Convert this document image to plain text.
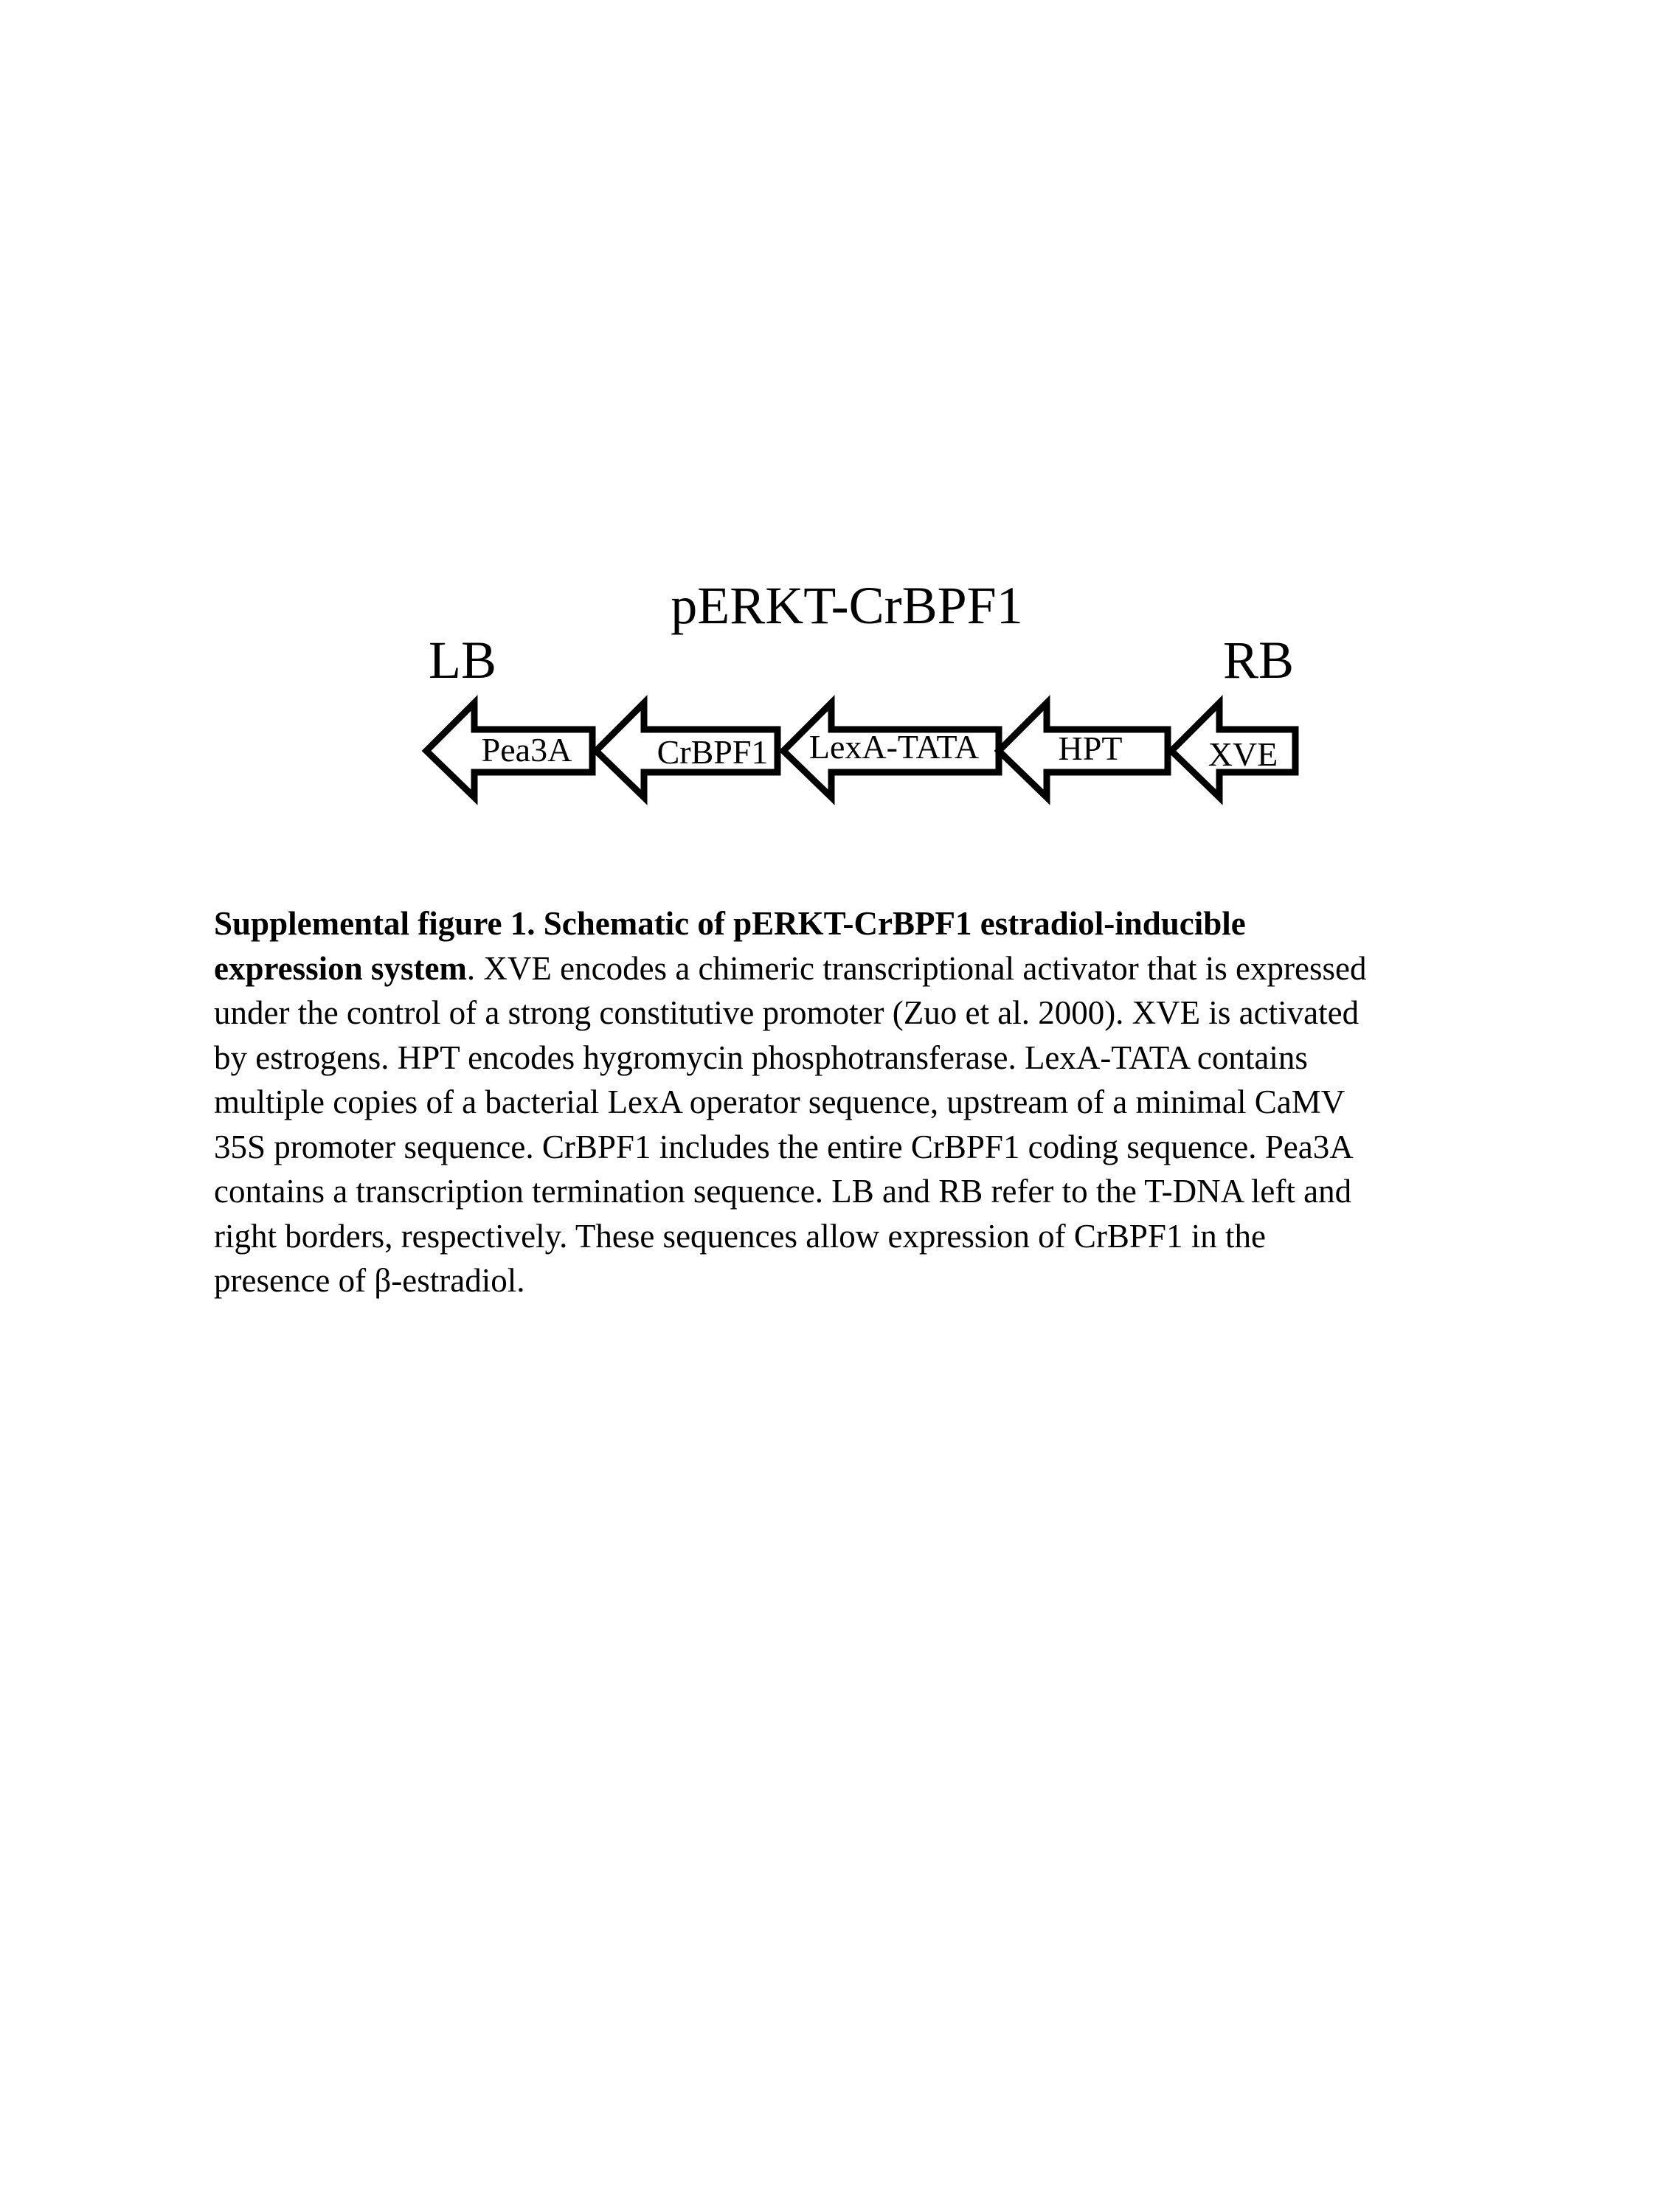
pERKT-CrBPF1
LB	RB
Pea3A	CrBPF1 LexA-TATA HPT	XVE
Supplemental figure 1. Schematic of pERKT-CrBPF1 estradiol-inducible
expression system. XVE encodes a chimeric transcriptional activator that is expressed
under the control of a strong constitutive promoter (Zuo et al. 2000). XVE is activated
by estrogens. HPT encodes hygromycin phosphotransferase. LexA-TATA contains
multiple copies of a bacterial LexA operator sequence, upstream of a minimal CaMV
35S promoter sequence. CrBPF1 includes the entire CrBPF1 coding sequence. Pea3A
contains a transcription termination sequence. LB and RB refer to the T-DNA left and
right borders, respectively. These sequences allow expression of CrBPF1 in the
presence of β-estradiol.
